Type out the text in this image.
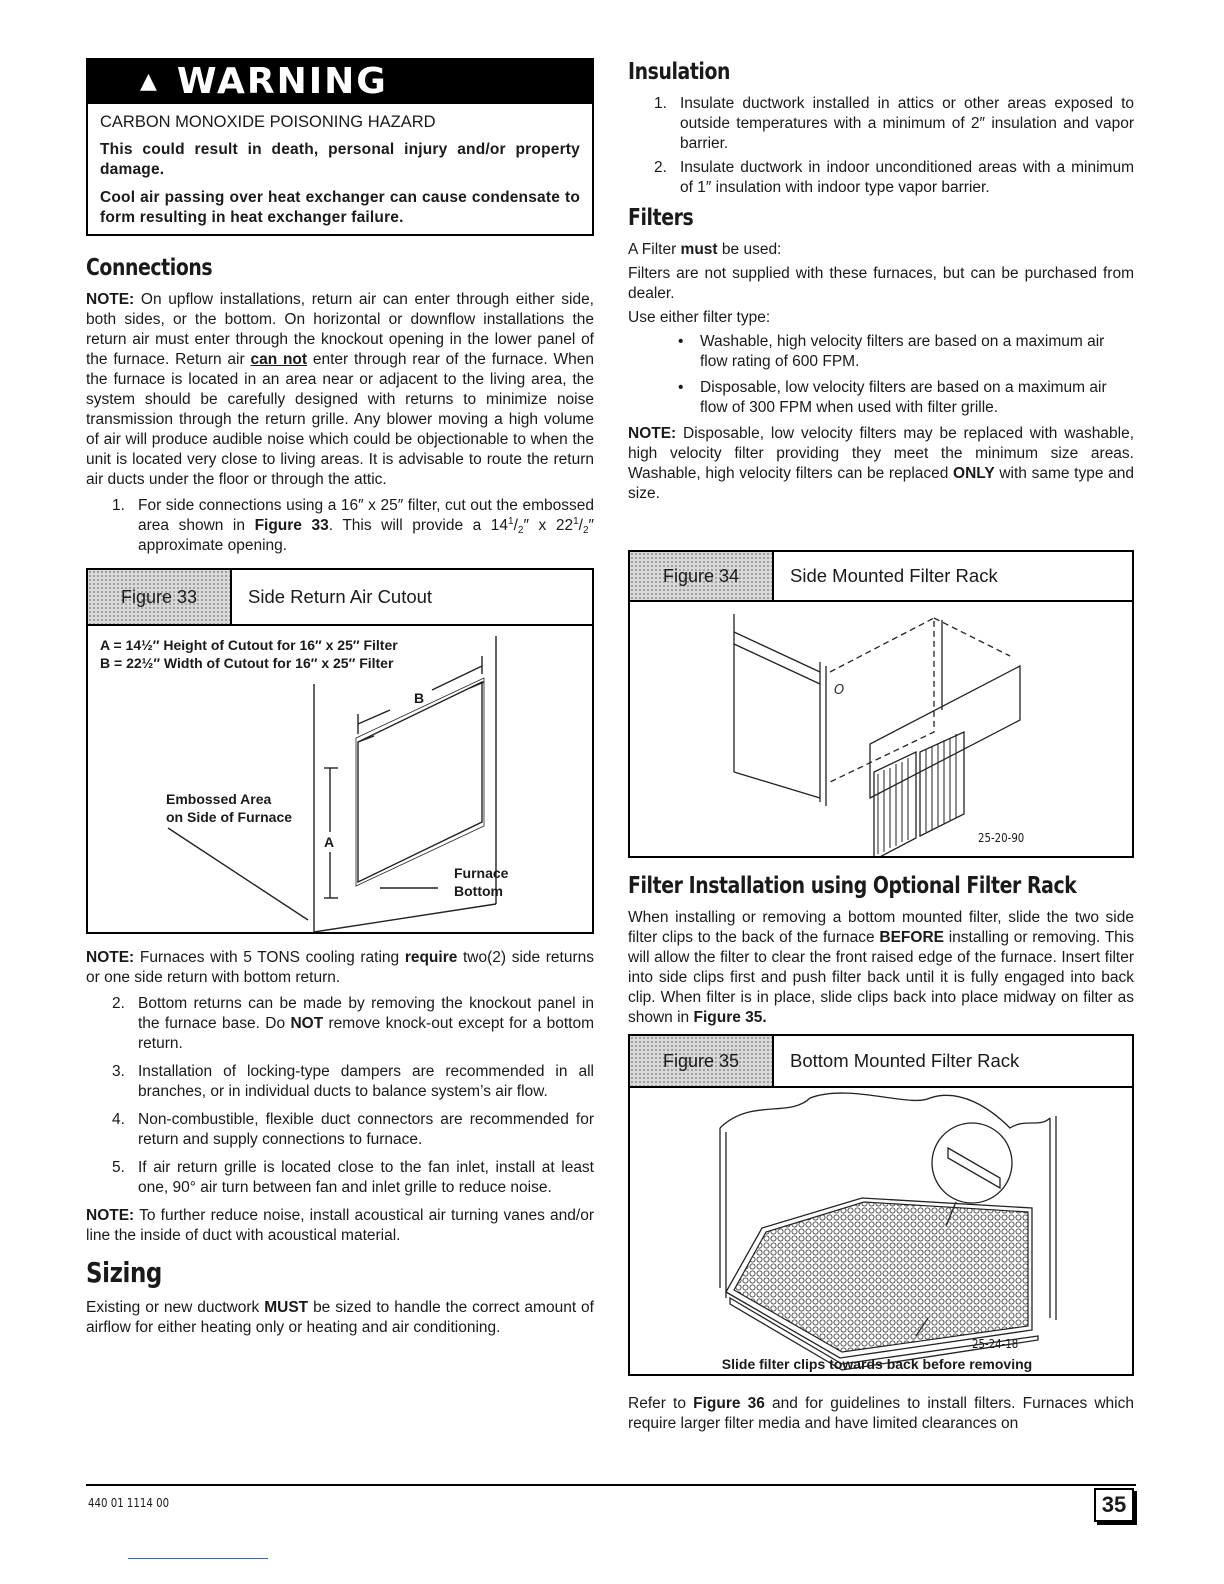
▲ WARNING

CARBON MONOXIDE POISONING HAZARD

This could result in death, personal injury and/or property damage.

Cool air passing over heat exchanger can cause condensate to form resulting in heat exchanger failure.

Connections

NOTE: On upflow installations, return air can enter through either side, both sides, or the bottom. On horizontal or downflow installations the return air must enter through the knockout opening in the lower panel of the furnace. Return air can not enter through rear of the furnace. When the furnace is located in an area near or adjacent to the living area, the system should be carefully designed with returns to minimize noise transmission through the return grille. Any blower moving a high volume of air will produce audible noise which could be objectionable to when the unit is located very close to living areas. It is advisable to route the return air ducts under the floor or through the attic.

1. For side connections using a 16″ x 25″ filter, cut out the embossed area shown in Figure 33. This will provide a $14^1/2''$ x $22^1/2''$ approximate opening.
Figure 33	Side Return Air Cutout
A = 14½″ Height of Cutout for 16″ x 25″ Filter
B = 22½″ Width of Cutout for 16″ x 25″ Filter
B
A
Embossed Area
on Side of Furnace
Furnace
Bottom

NOTE: Furnaces with 5 TONS cooling rating require two(2) side returns or one side return with bottom return.

2. Bottom returns can be made by removing the knockout panel in the furnace base. Do NOT remove knock-out except for a bottom return.
3. Installation of locking-type dampers are recommended in all branches, or in individual ducts to balance system’s air flow.
4. Non-combustible, flexible duct connectors are recommended for return and supply connections to furnace.
5. If air return grille is located close to the fan inlet, install at least one, 90° air turn between fan and inlet grille to reduce noise.

NOTE: To further reduce noise, install acoustical air turning vanes and/or line the inside of duct with acoustical material.

Sizing

Existing or new ductwork MUST be sized to handle the correct amount of airflow for either heating only or heating and air conditioning.

Insulation
1. Insulate ductwork installed in attics or other areas exposed to outside temperatures with a minimum of 2″ insulation and vapor barrier.
2. Insulate ductwork in indoor unconditioned areas with a minimum of 1″ insulation with indoor type vapor barrier.
Filters

A Filter must be used:

Filters are not supplied with these furnaces, but can be purchased from dealer.

Use either filter type:

• Washable, high velocity filters are based on a maximum air flow rating of 600 FPM.
• Disposable, low velocity filters are based on a maximum air flow of 300 FPM when used with filter grille.

NOTE: Disposable, low velocity filters may be replaced with washable, high velocity filter providing they meet the minimum size areas. Washable, high velocity filters can be replaced ONLY with same type and size.

Figure 34	Side Mounted Filter Rack
O
25-20-90
Filter Installation using Optional Filter Rack

When installing or removing a bottom mounted filter, slide the two side filter clips to the back of the furnace BEFORE installing or removing. This will allow the filter to clear the front raised edge of the furnace. Insert filter into side clips first and push filter back until it is fully engaged into back clip. When filter is in place, slide clips back into place midway on filter as shown in Figure 35.

Figure 35	Bottom Mounted Filter Rack
25-24-18
Slide filter clips towards back before removing

Refer to Figure 36 and for guidelines to install filters. Furnaces which require larger filter media and have limited clearances on

440 01 1114 00	35
